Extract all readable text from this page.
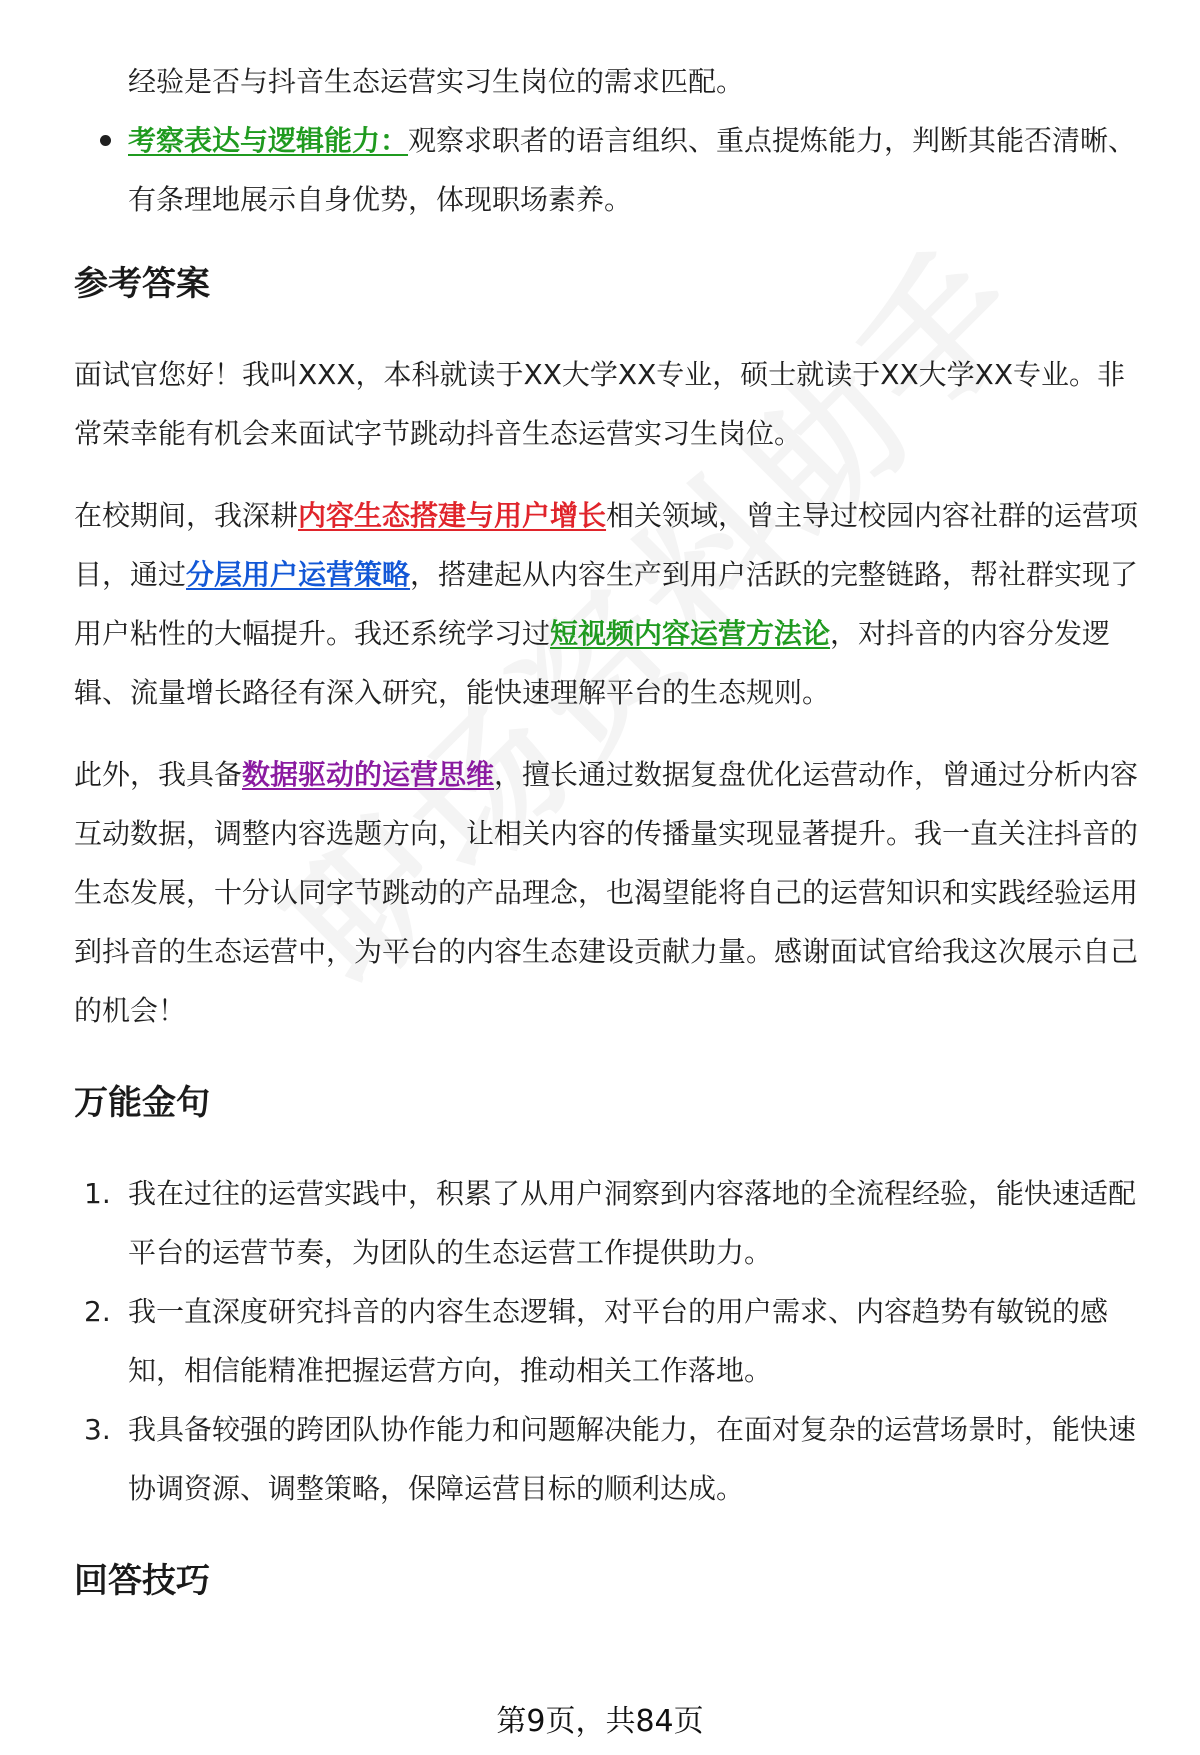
经验是否与抖音生态运营实习生岗位的需求匹配。

考察表达与逻辑能力：观察求职者的语言组织、重点提炼能力，判断其能否清晰、有条理地展示自身优势，体现职场素养。
参考答案

面试官您好！我叫XXX，本科就读于XX大学XX专业，硕士就读于XX大学XX专业。非常荣幸能有机会来面试字节跳动抖音生态运营实习生岗位。

在校期间，我深耕内容生态搭建与用户增长相关领域，曾主导过校园内容社群的运营项目，通过分层用户运营策略，搭建起从内容生产到用户活跃的完整链路，帮社群实现了用户粘性的大幅提升。我还系统学习过短视频内容运营方法论，对抖音的内容分发逻辑、流量增长路径有深入研究，能快速理解平台的生态规则。

此外，我具备数据驱动的运营思维，擅长通过数据复盘优化运营动作，曾通过分析内容互动数据，调整内容选题方向，让相关内容的传播量实现显著提升。我一直关注抖音的生态发展，十分认同字节跳动的产品理念，也渴望能将自己的运营知识和实践经验运用到抖音的生态运营中，为平台的内容生态建设贡献力量。感谢面试官给我这次展示自己的机会！

万能金句
1. 我在过往的运营实践中，积累了从用户洞察到内容落地的全流程经验，能快速适配平台的运营节奏，为团队的生态运营工作提供助力。
2. 我一直深度研究抖音的内容生态逻辑，对平台的用户需求、内容趋势有敏锐的感知，相信能精准把握运营方向，推动相关工作落地。
3. 我具备较强的跨团队协作能力和问题解决能力，在面对复杂的运营场景时，能快速协调资源、调整策略，保障运营目标的顺利达成。
回答技巧
第9页，共84页
